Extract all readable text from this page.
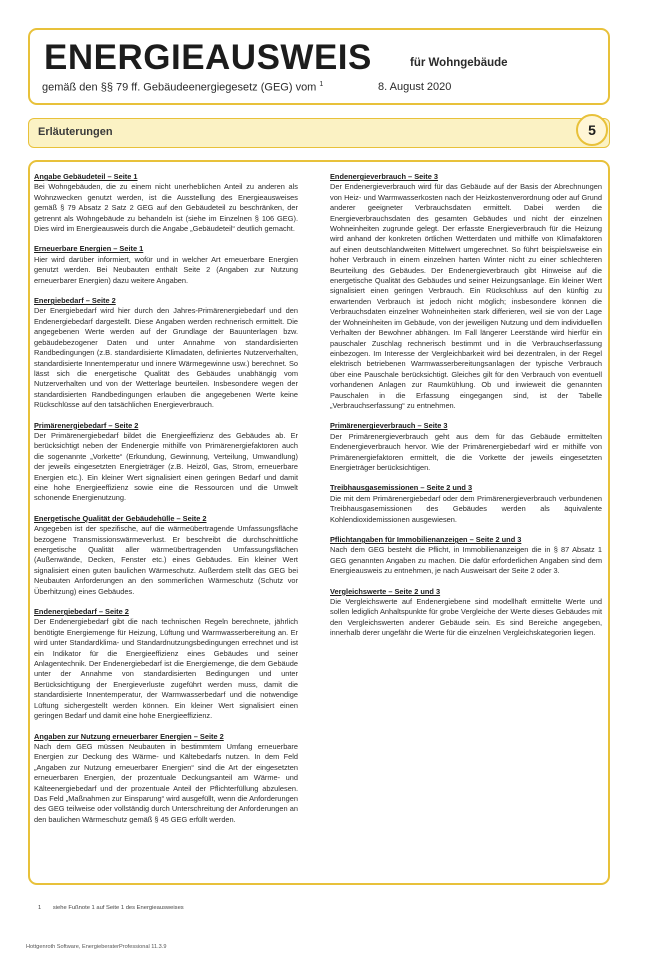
ENERGIEAUSWEIS	für Wohngebäude
gemäß den §§ 79 ff. Gebäudeenergiegesetz (GEG) vom $^1$	8. August 2020
Erläuterungen	5
Angabe Gebäudeteil – Seite 1

Bei Wohngebäuden, die zu einem nicht unerheblichen Anteil zu anderen als Wohnzwecken genutzt werden, ist die Ausstellung des Energieausweises gemäß § 79 Absatz 2 Satz 2 GEG auf den Gebäudeteil zu beschränken, der getrennt als Wohngebäude zu behandeln ist (siehe im Einzelnen § 106 GEG). Dies wird im Energieausweis durch die Angabe „Gebäudeteil“ deutlich gemacht.

Erneuerbare Energien – Seite 1

Hier wird darüber informiert, wofür und in welcher Art erneuerbare Energien genutzt werden. Bei Neubauten enthält Seite 2 (Angaben zur Nutzung erneuerbarer Energien) dazu weitere Angaben.

Energiebedarf – Seite 2

Der Energiebedarf wird hier durch den Jahres-Primärenergiebedarf und den Endenergiebedarf dargestellt. Diese Angaben werden rechnerisch ermittelt. Die angegebenen Werte werden auf der Grundlage der Bauunterlagen bzw. gebäudebezogener Daten und unter Annahme von standardisierten Randbedingungen (z.B. standardisierte Klimadaten, definiertes Nutzerverhalten, standardisierte Innentemperatur und innere Wärmegewinne usw.) berechnet. So lässt sich die energetische Qualität des Gebäudes unabhängig vom Nutzerverhalten und von der Wetterlage beurteilen. Insbesondere wegen der standardisierten Randbedingungen erlauben die angegebenen Werte keine Rückschlüsse auf den tatsächlichen Energieverbrauch.

Primärenergiebedarf – Seite 2

Der Primärenergiebedarf bildet die Energieeffizienz des Gebäudes ab. Er berücksichtigt neben der Endenergie mithilfe von Primärenergiefaktoren auch die sogenannte „Vorkette“ (Erkundung, Gewinnung, Verteilung, Umwandlung) der jeweils eingesetzten Energieträger (z.B. Heizöl, Gas, Strom, erneuerbare Energien etc.). Ein kleiner Wert signalisiert einen geringen Bedarf und damit eine hohe Energieeffizienz sowie eine die Ressourcen und die Umwelt schonende Energienutzung.

Energetische Qualität der Gebäudehülle – Seite 2

Angegeben ist der spezifische, auf die wärmeübertragende Umfassungsfläche bezogene Transmissionswärmeverlust. Er beschreibt die durchschnittliche energetische Qualität aller wärmeübertragenden Umfassungsflächen (Außenwände, Decken, Fenster etc.) eines Gebäudes. Ein kleiner Wert signalisiert einen guten baulichen Wärmeschutz. Außerdem stellt das GEG bei Neubauten Anforderungen an den sommerlichen Wärmeschutz (Schutz vor Überhitzung) eines Gebäudes.

Endenergiebedarf – Seite 2

Der Endenergiebedarf gibt die nach technischen Regeln berechnete, jährlich benötigte Energiemenge für Heizung, Lüftung und Warmwasserbereitung an. Er wird unter Standardklima- und Standardnutzungsbedingungen errechnet und ist ein Indikator für die Energieeffizienz eines Gebäudes und seiner Anlagentechnik. Der Endenergiebedarf ist die Energiemenge, die dem Gebäude unter der Annahme von standardisierten Bedingungen und unter Berücksichtigung der Energieverluste zugeführt werden muss, damit die standardisierte Innentemperatur, der Warmwasserbedarf und die notwendige Lüftung sichergestellt werden können. Ein kleiner Wert signalisiert einen geringen Bedarf und damit eine hohe Energieeffizienz.

Angaben zur Nutzung erneuerbarer Energien – Seite 2

Nach dem GEG müssen Neubauten in bestimmtem Umfang erneuerbare Energien zur Deckung des Wärme- und Kältebedarfs nutzen. In dem Feld „Angaben zur Nutzung erneuerbarer Energien“ sind die Art der eingesetzten erneuerbaren Energien, der prozentuale Deckungsanteil am Wärme- und Kälteenergiebedarf und der prozentuale Anteil der Pflichterfüllung abzulesen. Das Feld „Maßnahmen zur Einsparung“ wird ausgefüllt, wenn die Anforderungen des GEG teilweise oder vollständig durch Unterschreitung der Anforderungen an den baulichen Wärmeschutz gemäß § 45 GEG erfüllt werden.

Endenergieverbrauch – Seite 3

Der Endenergieverbrauch wird für das Gebäude auf der Basis der Abrechnungen von Heiz- und Warmwasserkosten nach der Heizkostenverordnung oder auf Grund anderer geeigneter Verbrauchsdaten ermittelt. Dabei werden die Energieverbrauchsdaten des gesamten Gebäudes und nicht der einzelnen Wohneinheiten zugrunde gelegt. Der erfasste Energieverbrauch für die Heizung wird anhand der konkreten örtlichen Wetterdaten und mithilfe von Klimafaktoren auf einen deutschlandweiten Mittelwert umgerechnet. So führt beispielsweise ein hoher Verbrauch in einem einzelnen harten Winter nicht zu einer schlechteren Beurteilung des Gebäudes. Der Endenergieverbrauch gibt Hinweise auf die energetische Qualität des Gebäudes und seiner Heizungsanlage. Ein kleiner Wert signalisiert einen geringen Verbrauch. Ein Rückschluss auf den künftig zu erwartenden Verbrauch ist jedoch nicht möglich; insbesondere können die Verbrauchsdaten einzelner Wohneinheiten stark differieren, weil sie von der Lage der Wohneinheiten im Gebäude, von der jeweiligen Nutzung und dem individuellen Verhalten der Bewohner abhängen. Im Fall längerer Leerstände wird hierfür ein pauschaler Zuschlag rechnerisch bestimmt und in die Verbrauchserfassung einbezogen. Im Interesse der Vergleichbarkeit wird bei dezentralen, in der Regel elektrisch betriebenen Warmwasserbereitungsanlagen der typische Verbrauch über eine Pauschale berücksichtigt. Gleiches gilt für den Verbrauch von eventuell vorhandenen Anlagen zur Raumkühlung. Ob und inwieweit die genannten Pauschalen in die Erfassung eingegangen sind, ist der Tabelle „Verbrauchserfassung“ zu entnehmen.

Primärenergieverbrauch – Seite 3

Der Primärenergieverbrauch geht aus dem für das Gebäude ermittelten Endenergieverbrauch hervor. Wie der Primärenergiebedarf wird er mithilfe von Primärenergiefaktoren ermittelt, die die Vorkette der jeweils eingesetzten Energieträger berücksichtigen.

Treibhausgasemissionen – Seite 2 und 3

Die mit dem Primärenergiebedarf oder dem Primärenergieverbrauch verbundenen Treibhausgasemissionen des Gebäudes werden als äquivalente Kohlendioxidemissionen ausgewiesen.

Pflichtangaben für Immobilienanzeigen – Seite 2 und 3

Nach dem GEG besteht die Pflicht, in Immobilienanzeigen die in § 87 Absatz 1 GEG genannten Angaben zu machen. Die dafür erforderlichen Angaben sind dem Energieausweis zu entnehmen, je nach Ausweisart der Seite 2 oder 3.

Vergleichswerte – Seite 2 und 3

Die Vergleichswerte auf Endenergiebene sind modellhaft ermittelte Werte und sollen lediglich Anhaltspunkte für grobe Vergleiche der Werte dieses Gebäudes mit den Vergleichswerten anderer Gebäude sein. Es sind Bereiche angegeben, innerhalb derer ungefähr die Werte für die einzelnen Vergleichskategorien liegen.

1 siehe Fußnote 1 auf Seite 1 des Energieausweises
Hottgenroth Software, EnergieberaterProfessional 11.3.9
